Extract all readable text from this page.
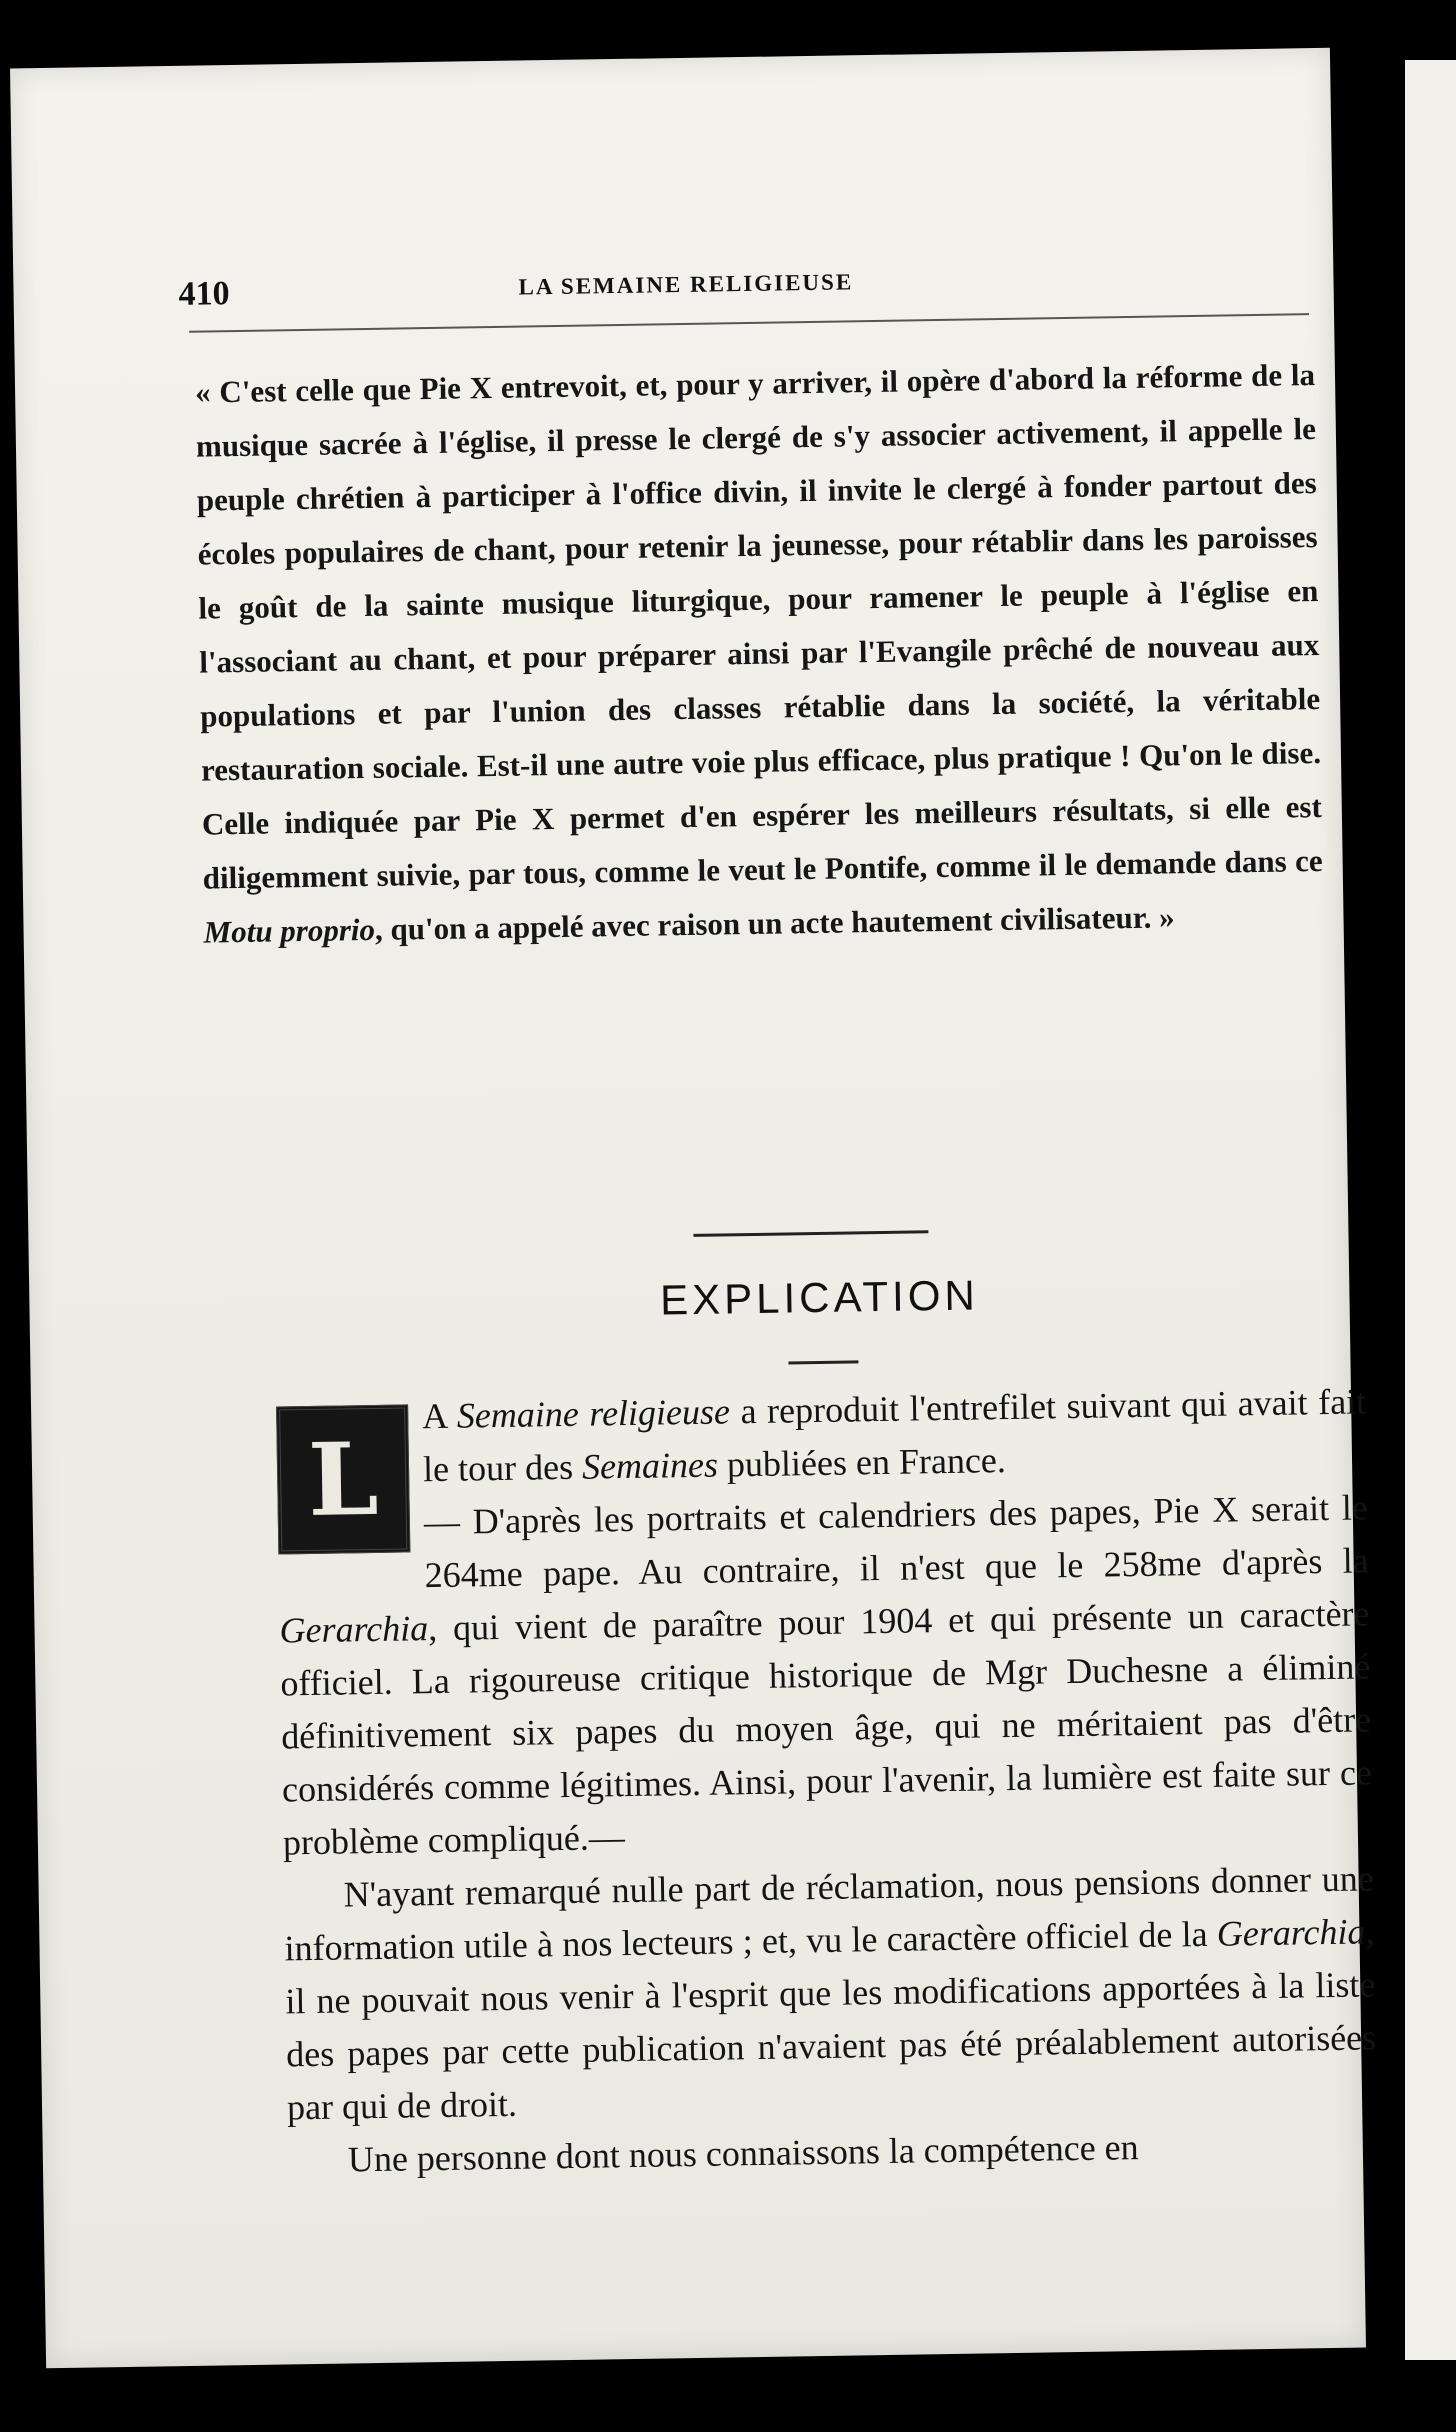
410	LA SEMAINE RELIGIEUSE
« C'est celle que Pie X entrevoit, et, pour y arriver, il opère d'abord la réforme de la musique sacrée à l'église, il presse le clergé de s'y associer activement, il appelle le peuple chrétien à participer à l'office divin, il invite le clergé à fonder partout des écoles populaires de chant, pour retenir la jeunesse, pour rétablir dans les paroisses le goût de la sainte musique liturgique, pour ramener le peuple à l'église en l'associant au chant, et pour préparer ainsi par l'Evangile prêché de nouveau aux populations et par l'union des classes rétablie dans la société, la véritable restauration sociale. Est-il une autre voie plus efficace, plus pratique ! Qu'on le dise. Celle indiquée par Pie X permet d'en espérer les meilleurs résultats, si elle est diligemment suivie, par tous, comme le veut le Pontife, comme il le demande dans ce Motu proprio, qu'on a appelé avec raison un acte hautement civilisateur. »
EXPLICATION
L

A Semaine religieuse a reproduit l'entrefilet suivant qui avait fait le tour des Semaines publiées en France.

— D'après les portraits et calendriers des papes, Pie X serait le 264me pape. Au contraire, il n'est que le 258me d'après la Gerarchia, qui vient de paraître pour 1904 et qui présente un caractère officiel. La rigoureuse critique historique de Mgr Duchesne a éliminé définitivement six papes du moyen âge, qui ne méritaient pas d'être considérés comme légitimes. Ainsi, pour l'avenir, la lumière est faite sur ce problème compliqué.—

N'ayant remarqué nulle part de réclamation, nous pensions donner une information utile à nos lecteurs ; et, vu le caractère officiel de la Gerarchia, il ne pouvait nous venir à l'esprit que les modifications apportées à la liste des papes par cette publication n'avaient pas été préalablement autorisées par qui de droit.

Une personne dont nous connaissons la compétence en
